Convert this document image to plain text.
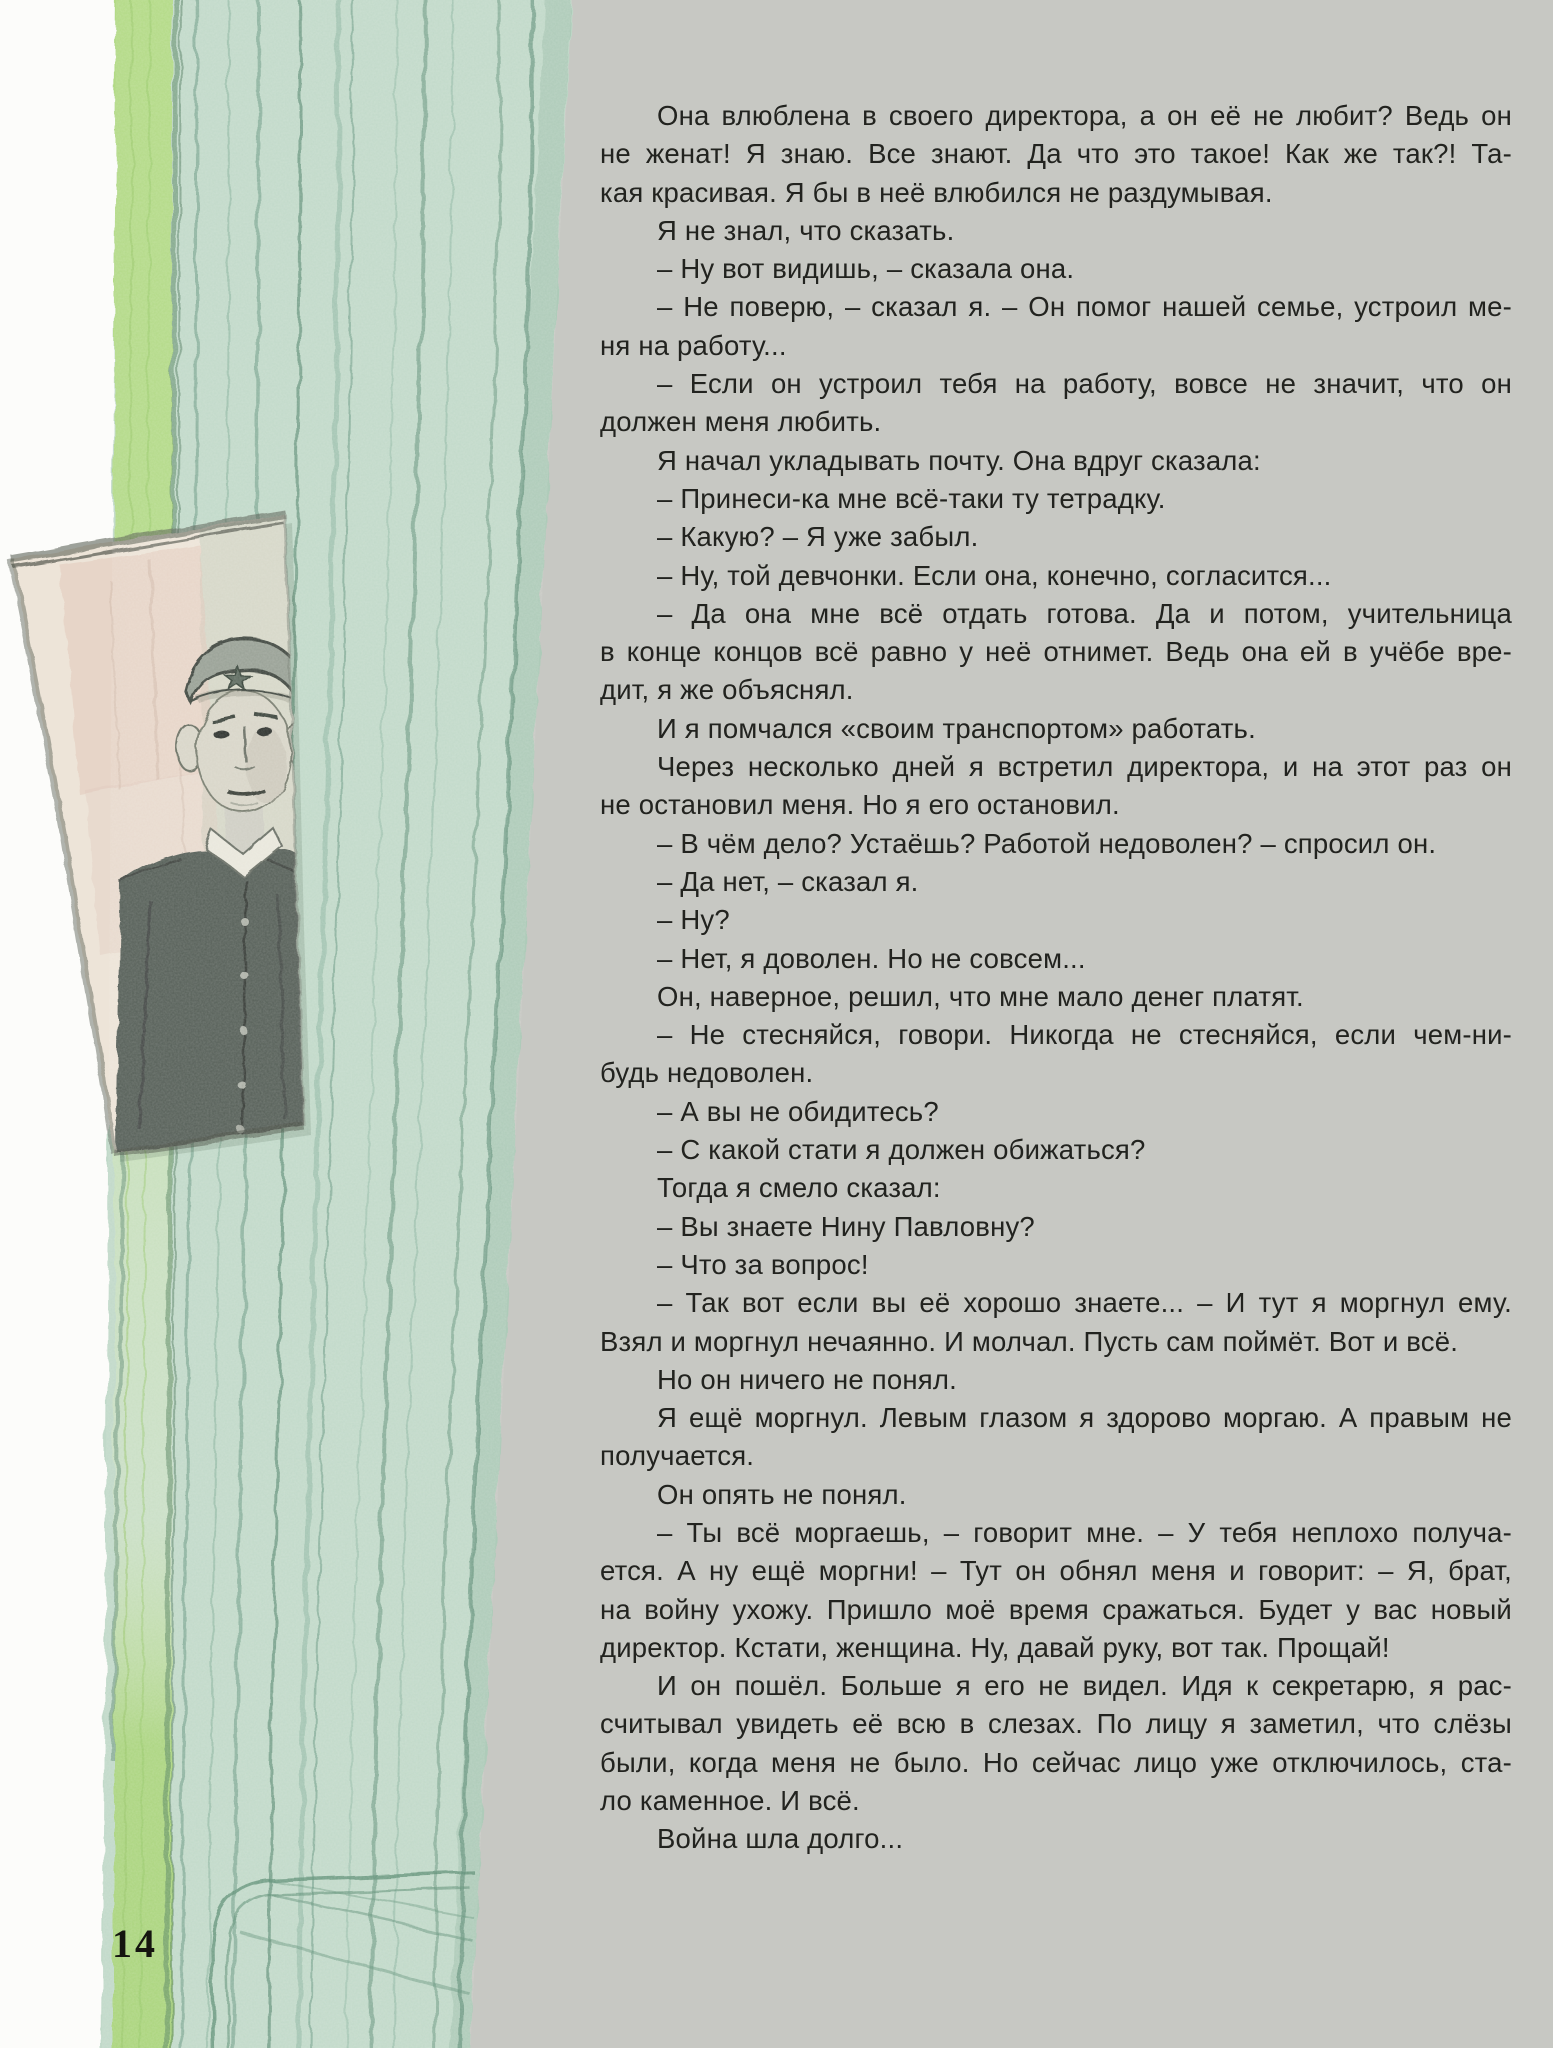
Она влюблена в своего директора, а он её не любит? Ведь он
не женат! Я знаю. Все знают. Да что это такое! Как же так?! Та-
кая красивая. Я бы в неё влюбился не раздумывая.
Я не знал, что сказать.
– Ну вот видишь, – сказала она.
– Не поверю, – сказал я. – Он помог нашей семье, устроил ме-
ня на работу...
– Если он устроил тебя на работу, вовсе не значит, что он
должен меня любить.
Я начал укладывать почту. Она вдруг сказала:
– Принеси-ка мне всё-таки ту тетрадку.
– Какую? – Я уже забыл.
– Ну, той девчонки. Если она, конечно, согласится...
– Да она мне всё отдать готова. Да и потом, учительница
в конце концов всё равно у неё отнимет. Ведь она ей в учёбе вре-
дит, я же объяснял.
И я помчался «своим транспортом» работать.
Через несколько дней я встретил директора, и на этот раз он
не остановил меня. Но я его остановил.
– В чём дело? Устаёшь? Работой недоволен? – спросил он.
– Да нет, – сказал я.
– Ну?
– Нет, я доволен. Но не совсем...
Он, наверное, решил, что мне мало денег платят.
– Не стесняйся, говори. Никогда не стесняйся, если чем-ни-
будь недоволен.
– А вы не обидитесь?
– С какой стати я должен обижаться?
Тогда я смело сказал:
– Вы знаете Нину Павловну?
– Что за вопрос!
– Так вот если вы её хорошо знаете... – И тут я моргнул ему.
Взял и моргнул нечаянно. И молчал. Пусть сам поймёт. Вот и всё.
Но он ничего не понял.
Я ещё моргнул. Левым глазом я здорово моргаю. А правым не
получается.
Он опять не понял.
– Ты всё моргаешь, – говорит мне. – У тебя неплохо получа-
ется. А ну ещё моргни! – Тут он обнял меня и говорит: – Я, брат,
на войну ухожу. Пришло моё время сражаться. Будет у вас новый
директор. Кстати, женщина. Ну, давай руку, вот так. Прощай!
И он пошёл. Больше я его не видел. Идя к секретарю, я рас-
считывал увидеть её всю в слезах. По лицу я заметил, что слёзы
были, когда меня не было. Но сейчас лицо уже отключилось, ста-
ло каменное. И всё.
Война шла долго...
14
